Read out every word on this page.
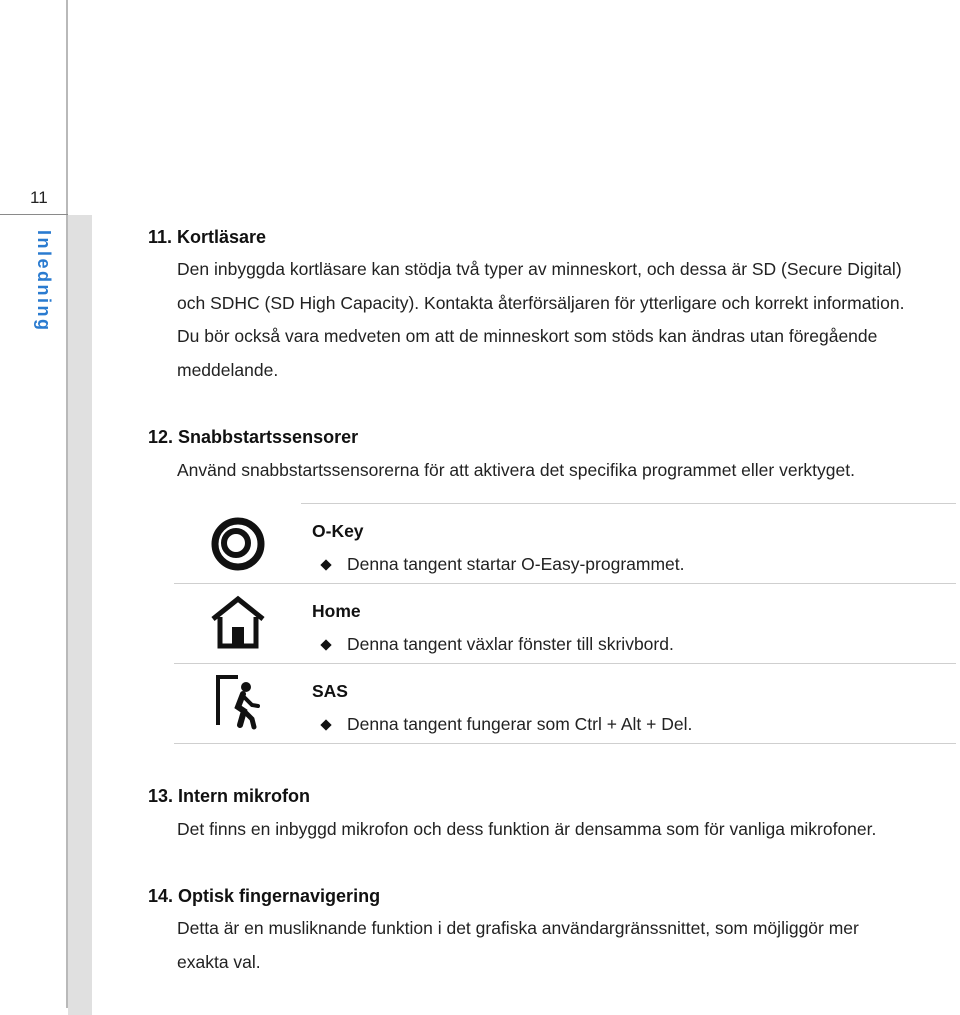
11
Inledning	11. Kortläsare
Den inbyggda kortläsare kan stödja två typer av minneskort, och dessa är SD (Secure Digital) och SDHC (SD High Capacity). Kontakta återförsäljaren för ytterligare och korrekt information. Du bör också vara medveten om att de minneskort som stöds kan ändras utan föregående meddelande.
12. Snabbstartssensorer
Använd snabbstartssensorerna för att aktivera det specifika programmet eller verktyget.
O-Key
Denna tangent startar O-Easy-programmet.
Home
Denna tangent växlar fönster till skrivbord.
SAS
Denna tangent fungerar som Ctrl + Alt + Del.
13. Intern mikrofon
Det finns en inbyggd mikrofon och dess funktion är densamma som för vanliga mikrofoner.
14. Optisk fingernavigering
Detta är en musliknande funktion i det grafiska användargränssnittet, som möjliggör mer exakta val.
